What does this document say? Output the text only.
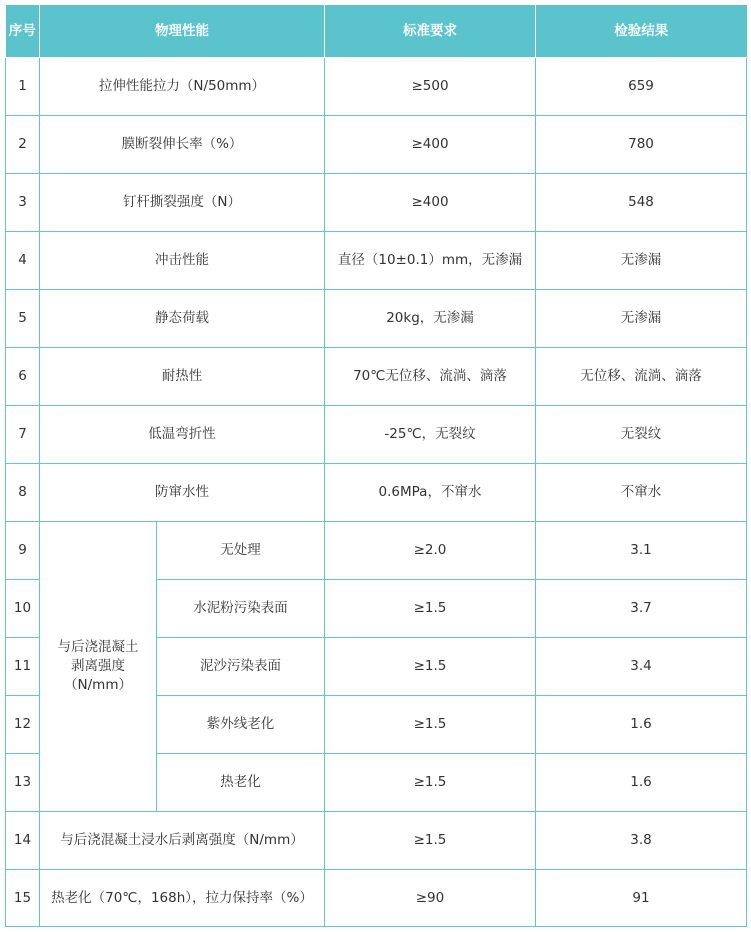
序号	物理性能		标准要求	检验结果
1	拉伸性能拉力（N/50mm）		≥500	659
2	膜断裂伸长率（%）		≥400	780
3	钉杆撕裂强度（N）		≥400	548
4	冲击性能		直径（10±0.1）mm，无渗漏	无渗漏
5	静态荷载		20kg，无渗漏	无渗漏
6	耐热性		70℃无位移、流淌、滴落	无位移、流淌、滴落
7	低温弯折性		-25℃，无裂纹	无裂纹
8	防窜水性		0.6MPa，不窜水	不窜水
9	与后浇混凝土
剥离强度
（N/mm）	无处理	≥2.0	3.1
10		水泥粉污染表面	≥1.5	3.7
11		泥沙污染表面	≥1.5	3.4
12		紫外线老化	≥1.5	1.6
13		热老化	≥1.5	1.6
14	与后浇混凝土浸水后剥离强度（N/mm）		≥1.5	3.8
15	热老化（70℃，168h），拉力保持率（%）		≥90	91
